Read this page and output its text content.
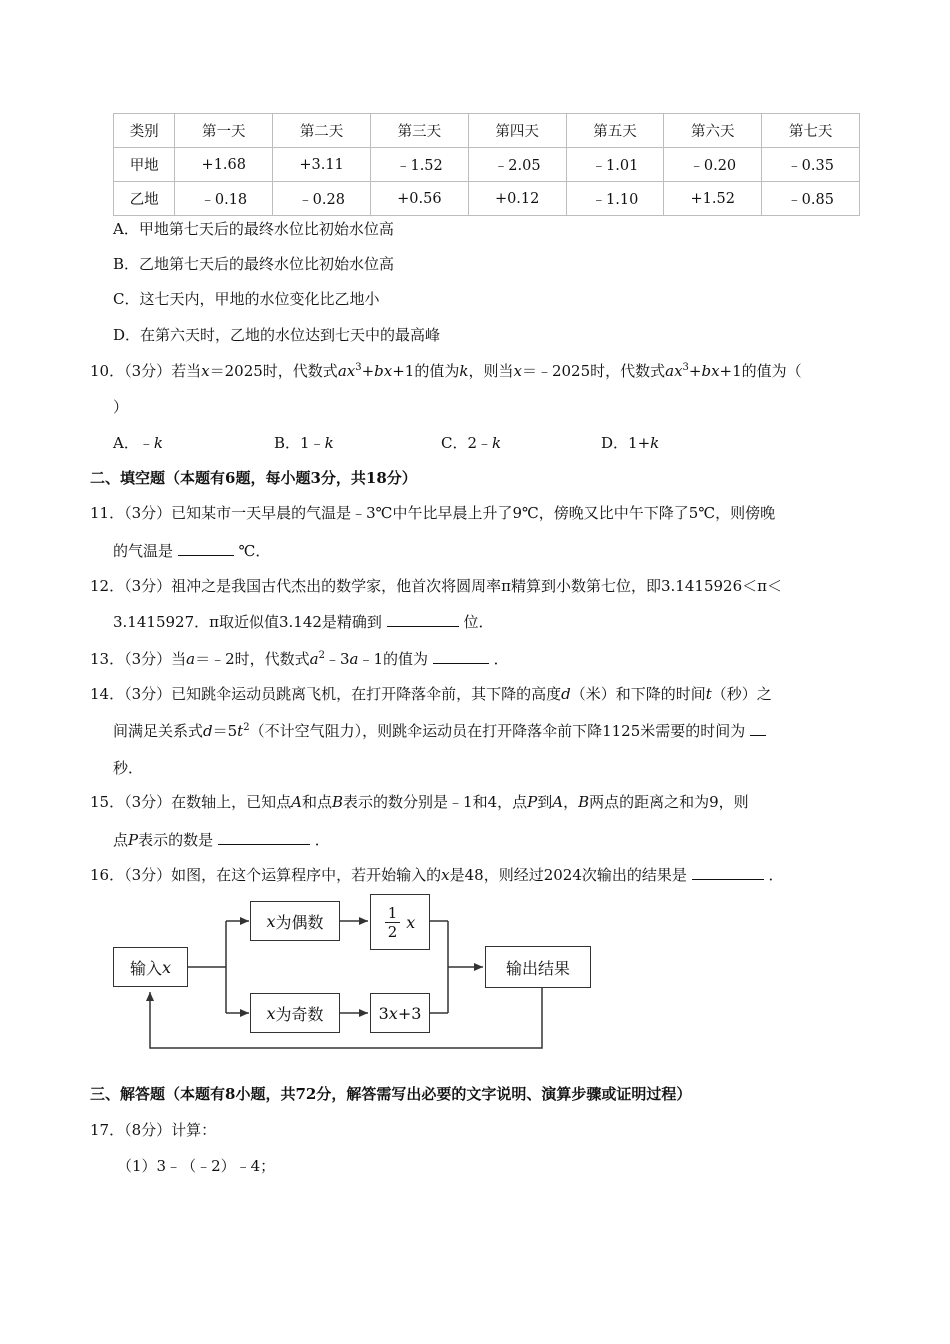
类别	第一天	第二天	第三天	第四天	第五天	第六天	第七天
甲地	+1.68	+3.11	﹣1.52	﹣2.05	﹣1.01	﹣0.20	﹣0.35
乙地	﹣0.18	﹣0.28	+0.56	+0.12	﹣1.10	+1.52	﹣0.85
A．甲地第七天后的最终水位比初始水位高
B．乙地第七天后的最终水位比初始水位高
C．这七天内，甲地的水位变化比乙地小
D．在第六天时，乙地的水位达到七天中的最高峰
10．（3分）若当x＝2025时，代数式$ax^3+bx+1$的值为k，则当x＝﹣2025时，代数式$ax^3+bx+1$的值为（
）
A．﹣k	B．1﹣k	C．2﹣k	D．1+k
二、填空题（本题有6题，每小题3分，共18分）
11．（3分）已知某市一天早晨的气温是﹣3℃中午比早晨上升了9℃，傍晚又比中午下降了5℃，则傍晚
的气温是	℃．
12．（3分）祖冲之是我国古代杰出的数学家，他首次将圆周率π精算到小数第七位，即3.1415926＜π＜
3.1415927．π取近似值3.142是精确到	位．
13．（3分）当a＝﹣2时，代数式$a^2﹣3a﹣1$的值为	．
14．（3分）已知跳伞运动员跳离飞机，在打开降落伞前，其下降的高度d（米）和下降的时间t（秒）之
间满足关系式$d=5t^2$（不计空气阻力），则跳伞运动员在打开降落伞前下降1125米需要的时间为
秒．
15．（3分）在数轴上，已知点A和点B表示的数分别是﹣1和4，点P到A，B两点的距离之和为9，则
点P表示的数是	．
16．（3分）如图，在这个运算程序中，若开始输入的x是48，则经过2024次输出的结果是	．
输入 x
x 为偶数
x 为奇数
$\frac{1}{2}$ x
3 x +3
输出结果
三、解答题（本题有8小题，共72分，解答需写出必要的文字说明、演算步骤或证明过程）
17．（8分）计算：
（1）3﹣（﹣2）﹣4；
